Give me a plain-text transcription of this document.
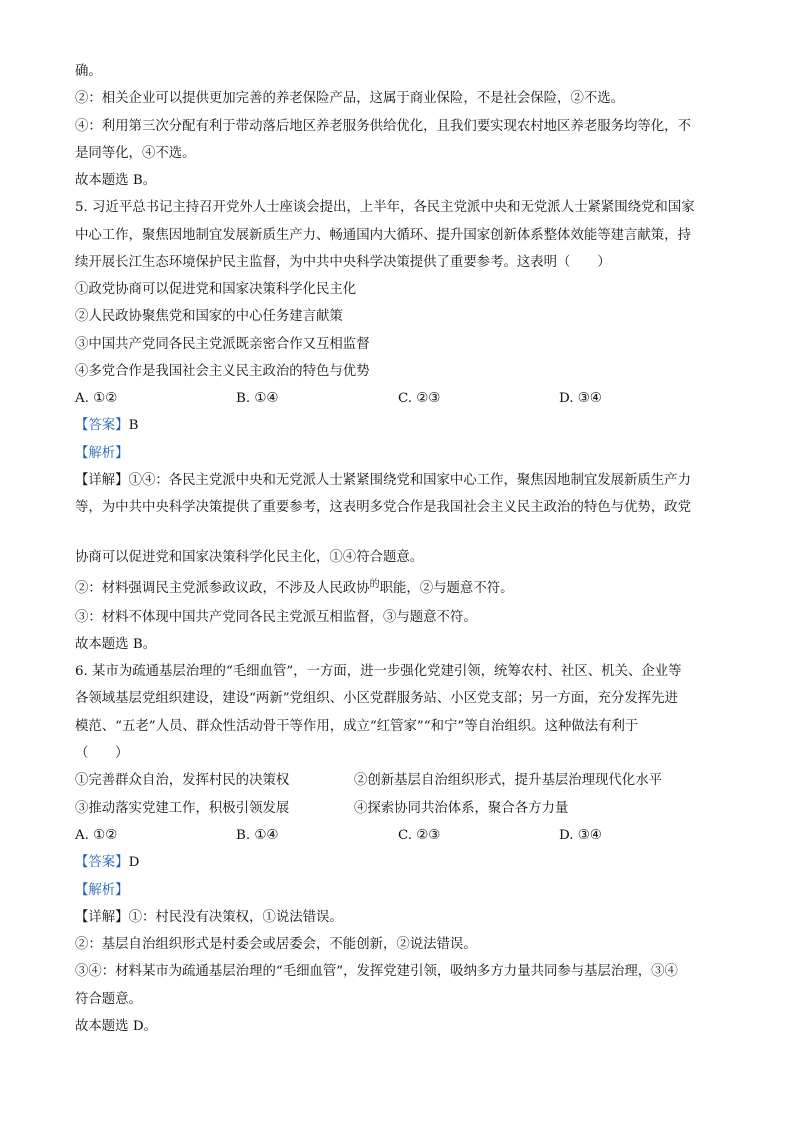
确。
②：相关企业可以提供更加完善的养老保险产品，这属于商业保险，不是社会保险，②不选。
④：利用第三次分配有利于带动落后地区养老服务供给优化，且我们要实现农村地区养老服务均等化，不
是同等化，④不选。
故本题选 B。
5. 习近平总书记主持召开党外人士座谈会提出，上半年，各民主党派中央和无党派人士紧紧围绕党和国家
中心工作，聚焦因地制宜发展新质生产力、畅通国内大循环、提升国家创新体系整体效能等建言献策，持
续开展长江生态环境保护民主监督，为中共中央科学决策提供了重要参考。这表明（　　）
①政党协商可以促进党和国家决策科学化民主化
②人民政协聚焦党和国家的中心任务建言献策
③中国共产党同各民主党派既亲密合作又互相监督
④多党合作是我国社会主义民主政治的特色与优势
A. ①②	B. ①④	C. ②③	D. ③④
【答案】B
【解析】
【详解】①④：各民主党派中央和无党派人士紧紧围绕党和国家中心工作，聚焦因地制宜发展新质生产力
等，为中共中央科学决策提供了重要参考，这表明多党合作是我国社会主义民主政治的特色与优势，政党
协商可以促进党和国家决策科学化民主化，①④符合题意。
②：材料强调民主党派参政议政，不涉及人民政协$^的$职能，②与题意不符。
③：材料不体现中国共产党同各民主党派互相监督，③与题意不符。
故本题选 B。
6. 某市为疏通基层治理的“毛细血管”，一方面，进一步强化党建引领，统筹农村、社区、机关、企业等
各领域基层党组织建设，建设“两新”党组织、小区党群服务站、小区党支部；另一方面，充分发挥先进
模范、“五老”人员、群众性活动骨干等作用，成立“红管家”“和宁”等自治组织。这种做法有利于
（　　）
①完善群众自治，发挥村民的决策权	②创新基层自治组织形式，提升基层治理现代化水平
③推动落实党建工作，积极引领发展	④探索协同共治体系，聚合各方力量
A. ①②	B. ①④	C. ②③	D. ③④
【答案】D
【解析】
【详解】①：村民没有决策权，①说法错误。
②：基层自治组织形式是村委会或居委会，不能创新，②说法错误。
③④：材料某市为疏通基层治理的“毛细血管”，发挥党建引领，吸纳多方力量共同参与基层治理，③④
符合题意。
故本题选 D。
